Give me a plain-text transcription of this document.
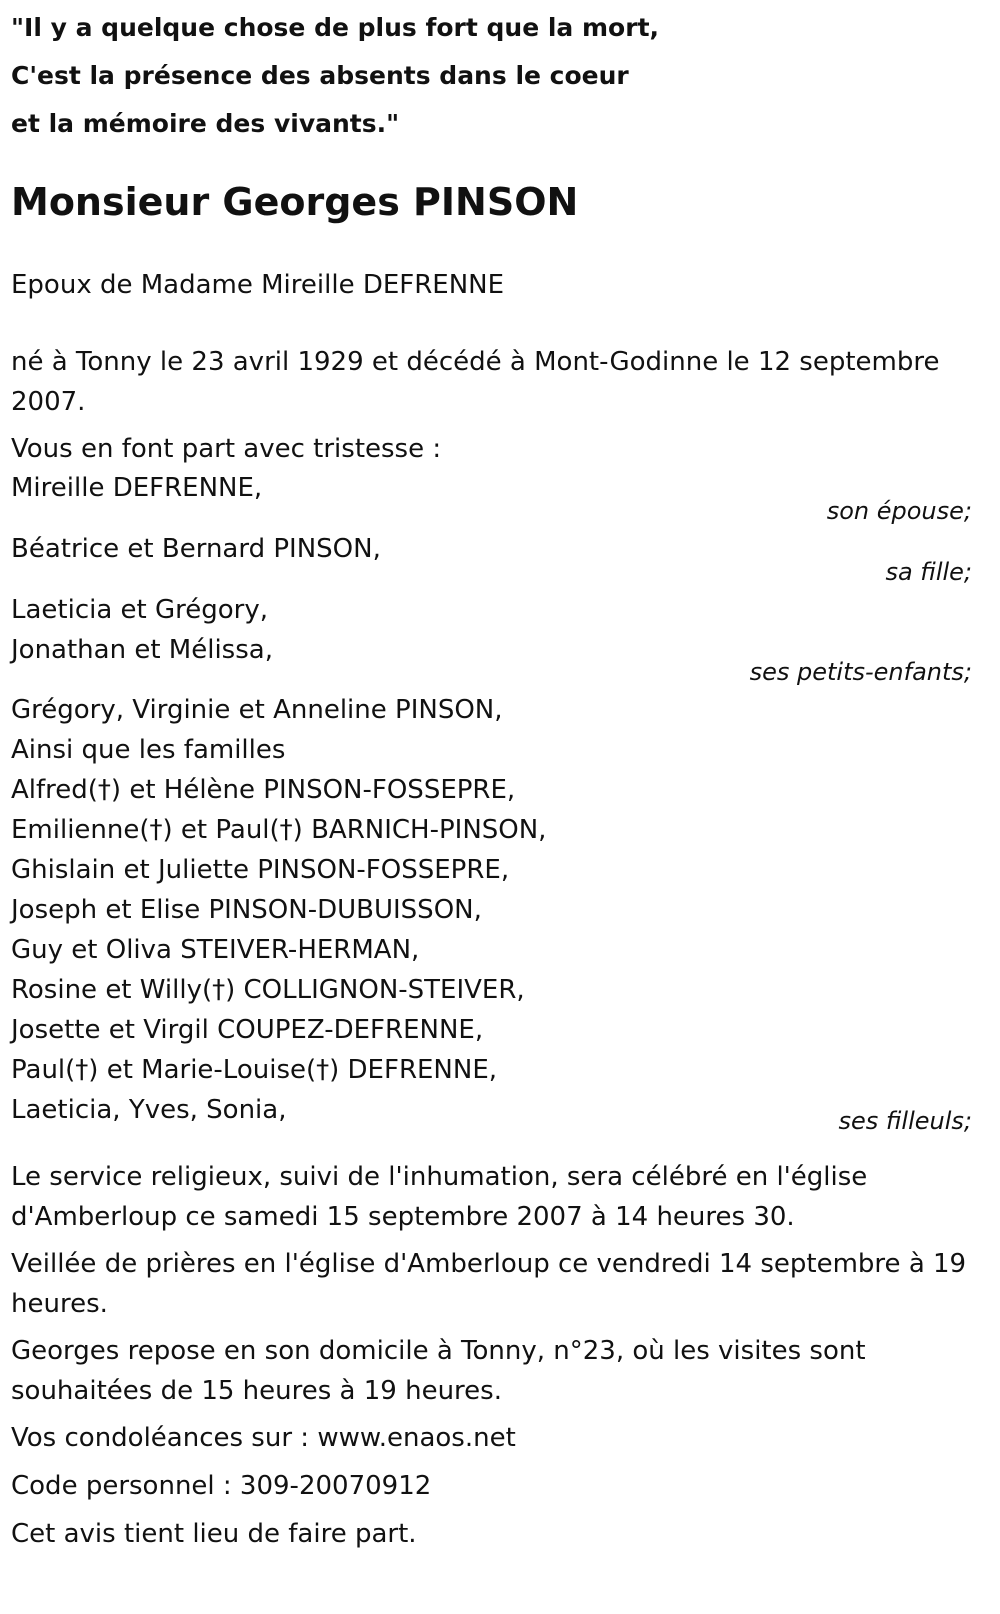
"Il y a quelque chose de plus fort que la mort,
C'est la présence des absents dans le coeur
et la mémoire des vivants."
Monsieur Georges PINSON
Epoux de Madame Mireille DEFRENNE
né à Tonny le 23 avril 1929 et décédé à Mont-Godinne le 12 septembre 2007.
Vous en font part avec tristesse :
Mireille DEFRENNE,
son épouse;
Béatrice et Bernard PINSON,
sa fille;
Laeticia et Grégory,
Jonathan et Mélissa,
ses petits-enfants;
Grégory, Virginie et Anneline PINSON,
Ainsi que les familles
Alfred(†) et Hélène PINSON-FOSSEPRE,
Emilienne(†) et Paul(†) BARNICH-PINSON,
Ghislain et Juliette PINSON-FOSSEPRE,
Joseph et Elise PINSON-DUBUISSON,
Guy et Oliva STEIVER-HERMAN,
Rosine et Willy(†) COLLIGNON-STEIVER,
Josette et Virgil COUPEZ-DEFRENNE,
Paul(†) et Marie-Louise(†) DEFRENNE,
Laeticia, Yves, Sonia,	ses filleuls;
Le service religieux, suivi de l'inhumation, sera célébré en l'église d'Amberloup ce samedi 15 septembre 2007 à 14 heures 30.
Veillée de prières en l'église d'Amberloup ce vendredi 14 septembre à 19 heures.
Georges repose en son domicile à Tonny, n°23, où les visites sont souhaitées de 15 heures à 19 heures.
Vos condoléances sur : www.enaos.net
Code personnel : 309-20070912
Cet avis tient lieu de faire part.
